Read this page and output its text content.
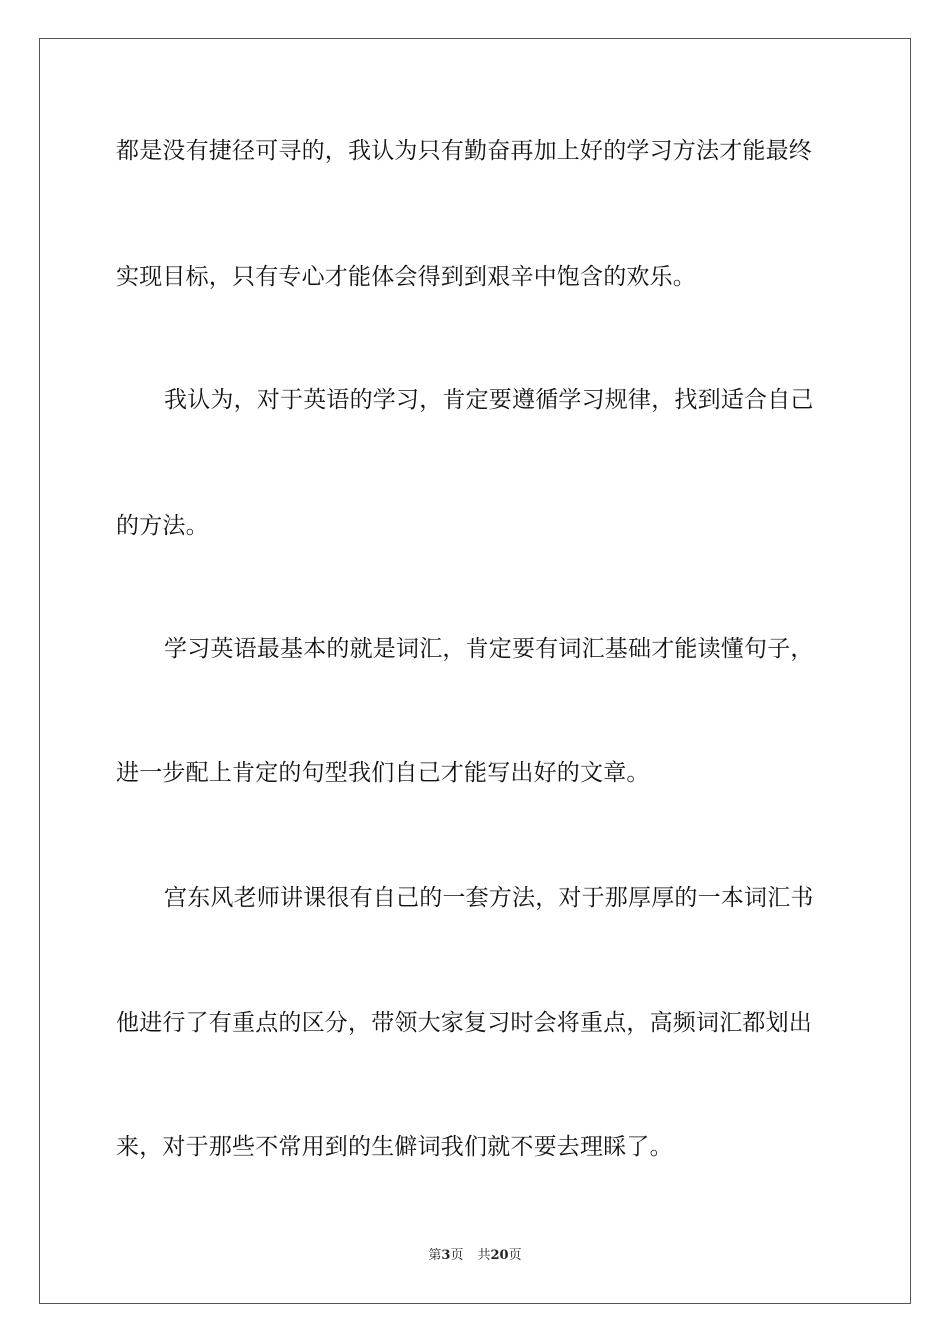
都是没有捷径可寻的，我认为只有勤奋再加上好的学习方法才能最终
实现目标，只有专心才能体会得到到艰辛中饱含的欢乐。
我认为，对于英语的学习，肯定要遵循学习规律，找到适合自己
的方法。
学习英语最基本的就是词汇，肯定要有词汇基础才能读懂句子，
进一步配上肯定的句型我们自己才能写出好的文章。
宫东风老师讲课很有自己的一套方法，对于那厚厚的一本词汇书
他进行了有重点的区分，带领大家复习时会将重点，高频词汇都划出
来，对于那些不常用到的生僻词我们就不要去理睬了。
第3页 共20页
